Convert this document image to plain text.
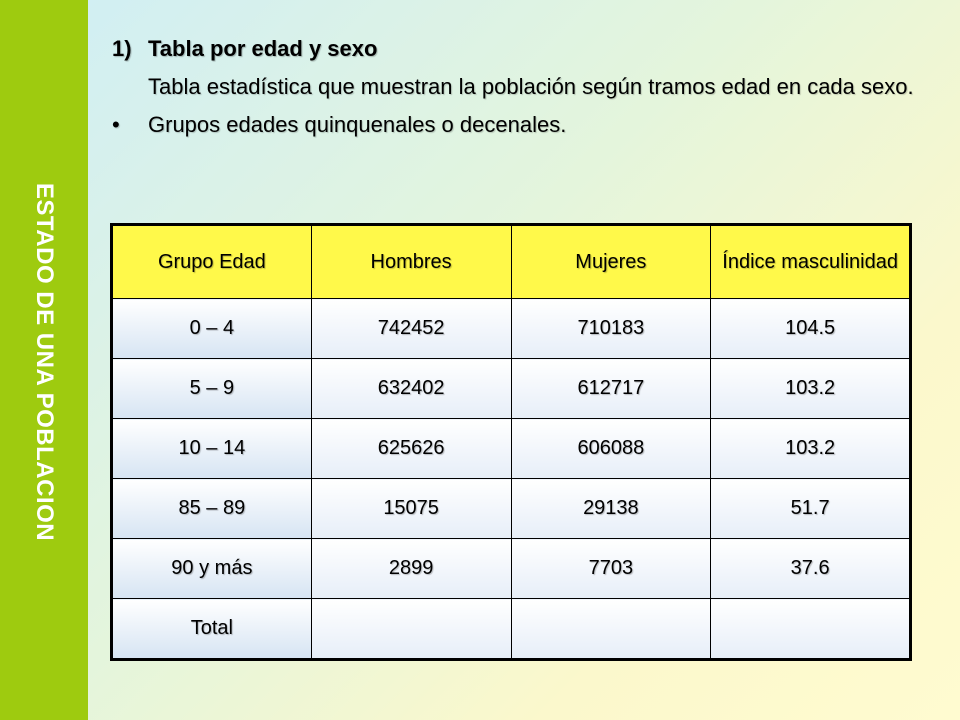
ESTADO DE UNA POBLACION
1) Tabla por edad y sexo
Tabla estadística que muestran la población según tramos edad en cada sexo.
•	Grupos edades quinquenales o decenales.
Grupo Edad	Hombres	Mujeres	Índice masculinidad
0 – 4	742452	710183	104.5
5 – 9	632402	612717	103.2
10 – 14	625626	606088	103.2
85 – 89	15075	29138	51.7
90 y más	2899	7703	37.6
Total			
